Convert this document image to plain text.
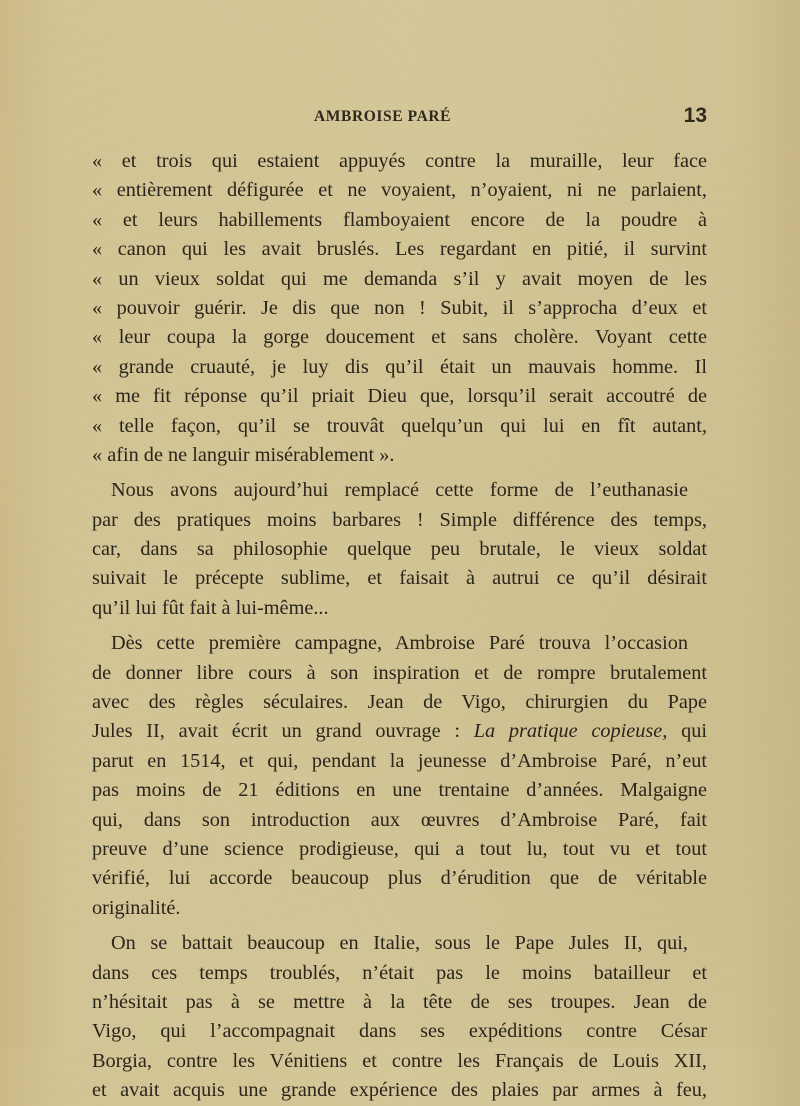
AMBROISE PARÉ	13
« et trois qui estaient appuyés contre la muraille, leur face
« entièrement défigurée et ne voyaient, n’oyaient, ni ne parlaient,
« et leurs habillements flamboyaient encore de la poudre à
« canon qui les avait bruslés. Les regardant en pitié, il survint
« un vieux soldat qui me demanda s’il y avait moyen de les
« pouvoir guérir. Je dis que non ! Subit, il s’approcha d’eux et
« leur coupa la gorge doucement et sans cholère. Voyant cette
« grande cruauté, je luy dis qu’il était un mauvais homme. Il
« me fit réponse qu’il priait Dieu que, lorsqu’il serait accoutré de
« telle façon, qu’il se trouvât quelqu’un qui lui en fît autant,
« afin de ne languir misérablement ».
Nous avons aujourd’hui remplacé cette forme de l’euthanasie
par des pratiques moins barbares ! Simple différence des temps,
car, dans sa philosophie quelque peu brutale, le vieux soldat
suivait le précepte sublime, et faisait à autrui ce qu’il désirait
qu’il lui fût fait à lui-même...
Dès cette première campagne, Ambroise Paré trouva l’occasion
de donner libre cours à son inspiration et de rompre brutalement
avec des règles séculaires. Jean de Vigo, chirurgien du Pape
Jules II, avait écrit un grand ouvrage : La pratique copieuse, qui
parut en 1514, et qui, pendant la jeunesse d’Ambroise Paré, n’eut
pas moins de 21 éditions en une trentaine d’années. Malgaigne
qui, dans son introduction aux œuvres d’Ambroise Paré, fait
preuve d’une science prodigieuse, qui a tout lu, tout vu et tout
vérifié, lui accorde beaucoup plus d’érudition que de véritable
originalité.
On se battait beaucoup en Italie, sous le Pape Jules II, qui,
dans ces temps troublés, n’était pas le moins batailleur et
n’hésitait pas à se mettre à la tête de ses troupes. Jean de
Vigo, qui l’accompagnait dans ses expéditions contre César
Borgia, contre les Vénitiens et contre les Français de Louis XII,
et avait acquis une grande expérience des plaies par armes à feu,
